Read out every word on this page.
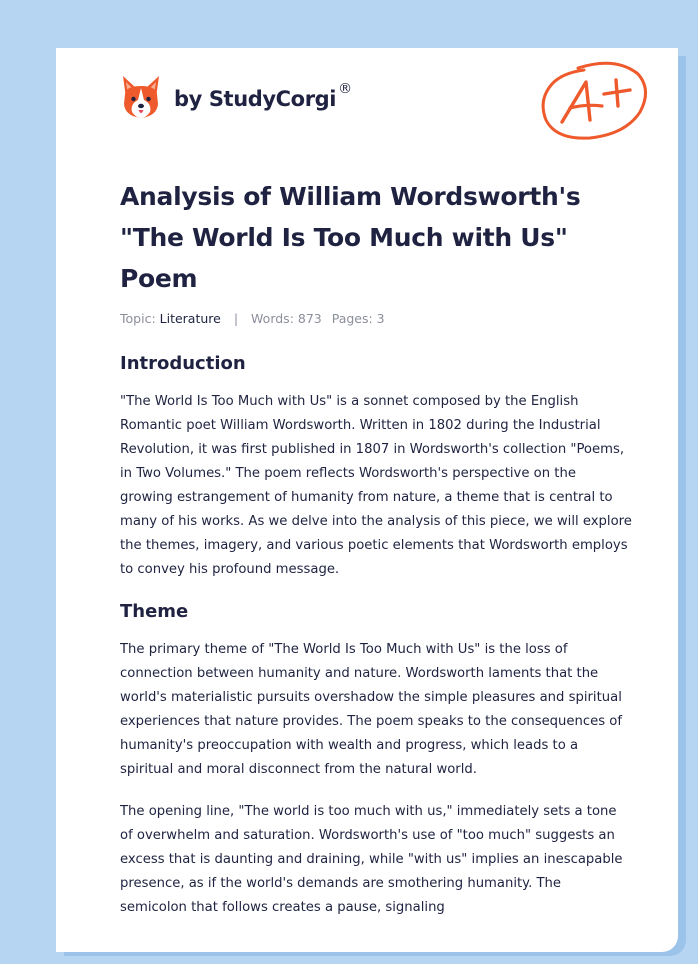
by StudyCorgi ®
Analysis of William Wordsworth's "The World Is Too Much with Us" Poem
Topic: Literature | Words: 873 Pages: 3
Introduction

"The World Is Too Much with Us" is a sonnet composed by the English Romantic poet William Wordsworth. Written in 1802 during the Industrial Revolution, it was first published in 1807 in Wordsworth's collection "Poems, in Two Volumes." The poem reflects Wordsworth's perspective on the growing estrangement of humanity from nature, a theme that is central to many of his works. As we delve into the analysis of this piece, we will explore the themes, imagery, and various poetic elements that Wordsworth employs to convey his profound message.

Theme

The primary theme of "The World Is Too Much with Us" is the loss of connection between humanity and nature. Wordsworth laments that the world's materialistic pursuits overshadow the simple pleasures and spiritual experiences that nature provides. The poem speaks to the consequences of humanity's preoccupation with wealth and progress, which leads to a spiritual and moral disconnect from the natural world.

The opening line, "The world is too much with us," immediately sets a tone of overwhelm and saturation. Wordsworth's use of "too much" suggests an excess that is daunting and draining, while "with us" implies an inescapable presence, as if the world's demands are smothering humanity. The semicolon that follows creates a pause, signaling
